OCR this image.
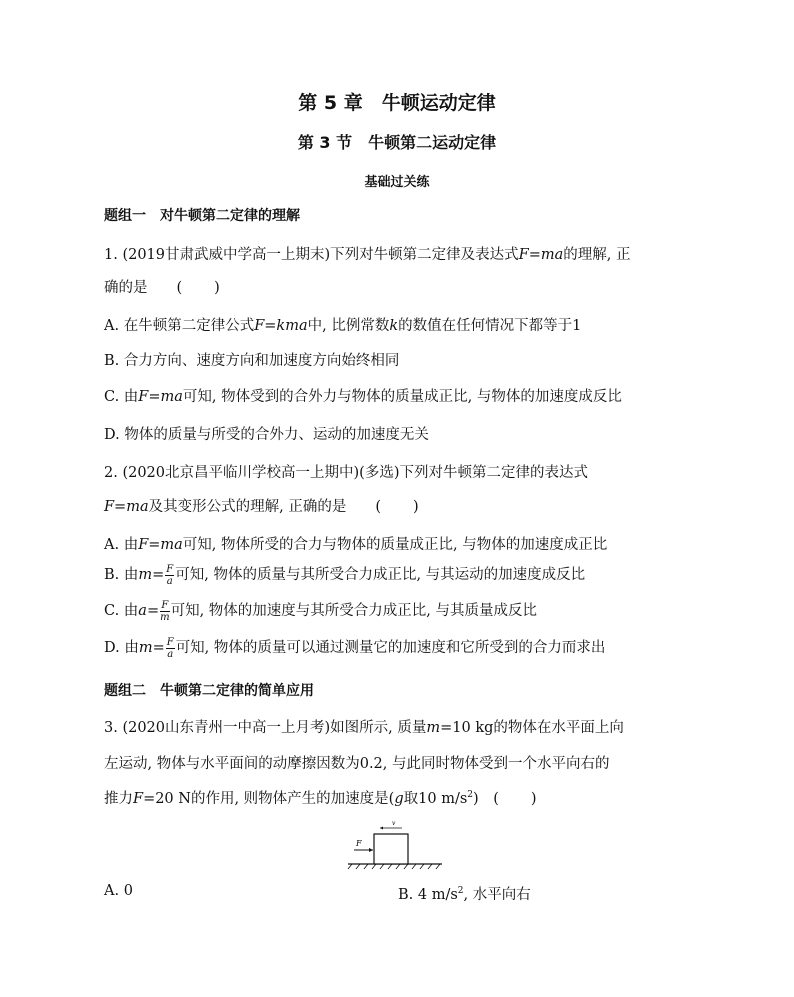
第 5 章　牛顿运动定律
第 3 节　牛顿第二运动定律
基础过关练
题组一　对牛顿第二定律的理解
1. (2019甘肃武威中学高一上期末)下列对牛顿第二定律及表达式F=ma的理解, 正
确的是　　 ( )
A. 在牛顿第二定律公式F=kma中, 比例常数k的数值在任何情况下都等于1
B. 合力方向、速度方向和加速度方向始终相同
C. 由F=ma可知, 物体受到的合外力与物体的质量成正比, 与物体的加速度成反比
D. 物体的质量与所受的合外力、运动的加速度无关
2. (2020北京昌平临川学校高一上期中)(多选)下列对牛顿第二定律的表达式
F=ma及其变形公式的理解, 正确的是　　 ( )
A. 由F=ma可知, 物体所受的合力与物体的质量成正比, 与物体的加速度成正比
B. 由$m= \frac{F}{a}$ 可知, 物体的质量与其所受合力成正比, 与其运动的加速度成反比
C. 由$a= \frac{F}{m}$ 可知, 物体的加速度与其所受合力成正比, 与其质量成反比
D. 由$m= \frac{F}{a}$ 可知, 物体的质量可以通过测量它的加速度和它所受到的合力而求出
题组二　牛顿第二定律的简单应用
3. (2020山东青州一中高一上月考)如图所示, 质量m=10 kg的物体在水平面上向
左运动, 物体与水平面间的动摩擦因数为0.2, 与此同时物体受到一个水平向右的
推力F=20 N的作用, 则物体产生的加速度是(g取10 $m/s^2$)　 ( )
F
v
A. 0	B. 4 $m/s^2$, 水平向右
